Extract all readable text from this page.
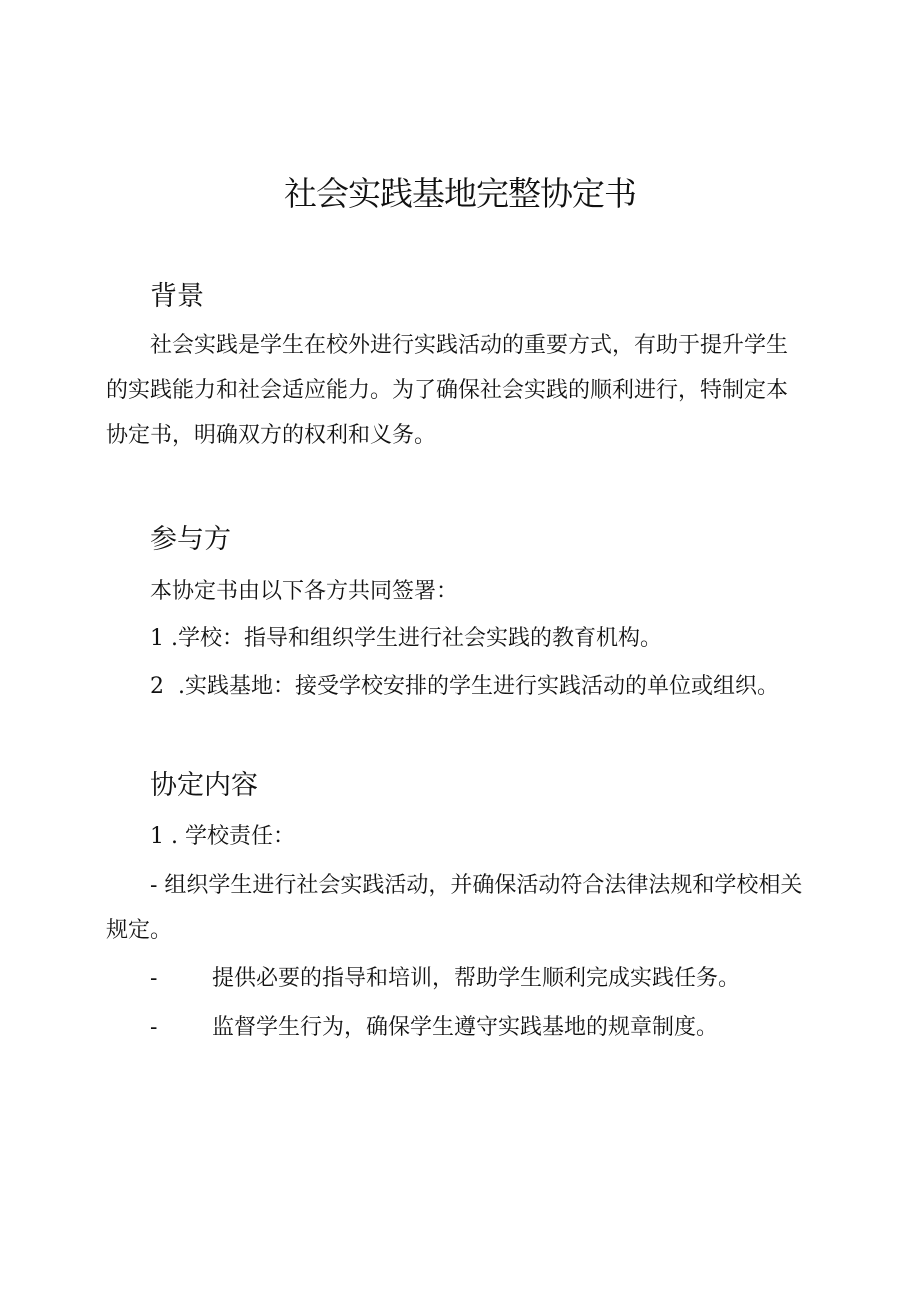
社会实践基地完整协定书
背景
社会实践是学生在校外进行实践活动的重要方式，有助于提升学生的实践能力和社会适应能力。为了确保社会实践的顺利进行，特制定本协定书，明确双方的权利和义务。
参与方
本协定书由以下各方共同签署：
1 .学校：指导和组织学生进行社会实践的教育机构。
2  .实践基地：接受学校安排的学生进行实践活动的单位或组织。
协定内容
1 . 学校责任：
- 组织学生进行社会实践活动，并确保活动符合法律法规和学校相关规定。
- 提供必要的指导和培训，帮助学生顺利完成实践任务。
- 监督学生行为，确保学生遵守实践基地的规章制度。
